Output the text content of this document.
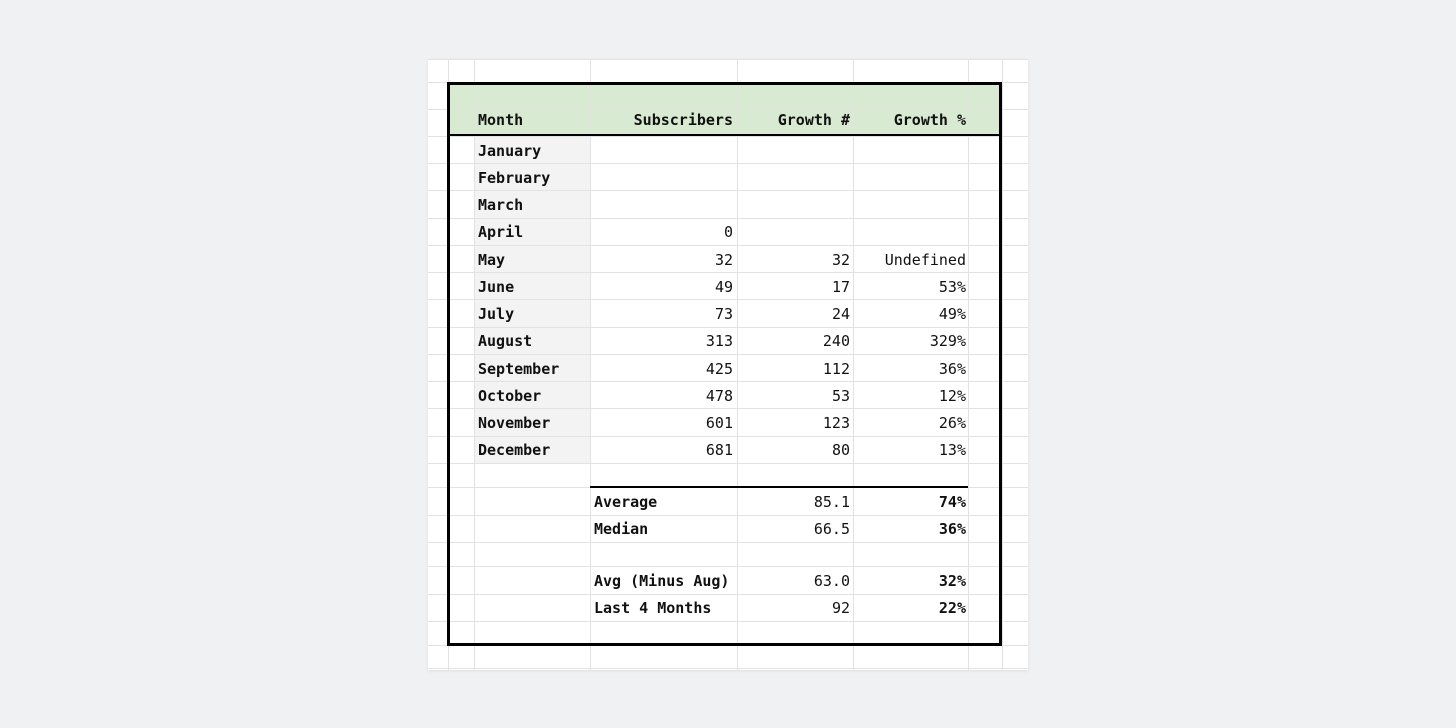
Month	Subscribers	Growth #	Growth %
January
February
March
April	0
May	32	32	Undefined
June	49	17	53%
July	73	24	49%
August	313	240	329%
September	425	112	36%
October	478	53	12%
November	601	123	26%
December	681	80	13%
Average	85.1	74%
Median	66.5	36%
Avg (Minus Aug)	63.0	32%
Last 4 Months	92	22%
